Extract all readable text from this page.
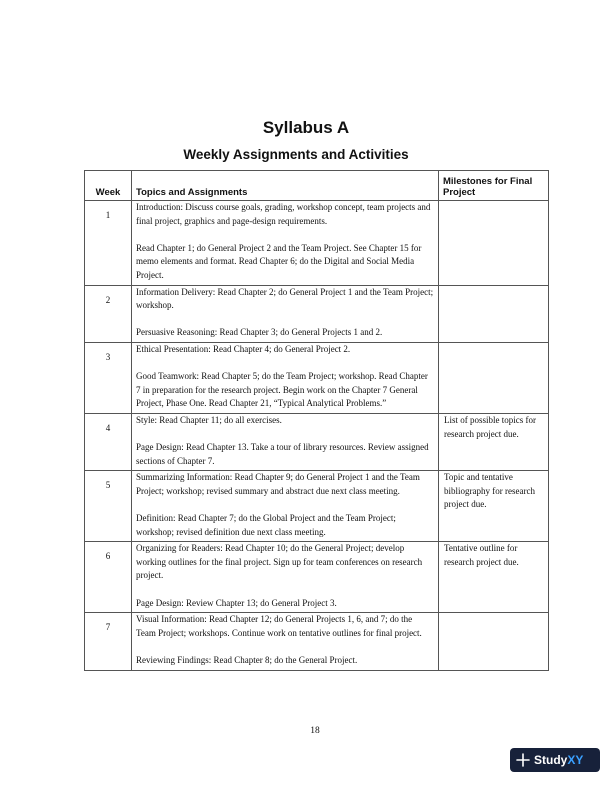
Syllabus A
Weekly Assignments and Activities
Week	Topics and Assignments	Milestones for Final Project
1	Introduction: Discuss course goals, grading, workshop concept, team projects and final project, graphics and page-design requirements.

Read Chapter 1; do General Project 2 and the Team Project. See Chapter 15 for memo elements and format. Read Chapter 6; do the Digital and Social Media Project.	

2	Information Delivery: Read Chapter 2; do General Project 1 and the Team Project; workshop.

Persuasive Reasoning: Read Chapter 3; do General Projects 1 and 2.	

3	Ethical Presentation: Read Chapter 4; do General Project 2.

Good Teamwork: Read Chapter 5; do the Team Project; workshop. Read Chapter 7 in preparation for the research project. Begin work on the Chapter 7 General Project, Phase One. Read Chapter 21, “Typical Analytical Problems.”	

4	Style: Read Chapter 11; do all exercises.

Page Design: Read Chapter 13. Take a tour of library resources. Review assigned sections of Chapter 7.	List of possible topics for research project due.
5	Summarizing Information: Read Chapter 9; do General Project 1 and the Team Project; workshop; revised summary and abstract due next class meeting.

Definition: Read Chapter 7; do the Global Project and the Team Project; workshop; revised definition due next class meeting.	Topic and tentative bibliography for research project due.
6	Organizing for Readers: Read Chapter 10; do the General Project; develop working outlines for the final project. Sign up for team conferences on research project.

Page Design: Review Chapter 13; do General Project 3.	Tentative outline for research project due.
7	Visual Information: Read Chapter 12; do General Projects 1, 6, and 7; do the Team Project; workshops. Continue work on tentative outlines for final project.

Reviewing Findings: Read Chapter 8; do the General Project.	

18
StudyXY
